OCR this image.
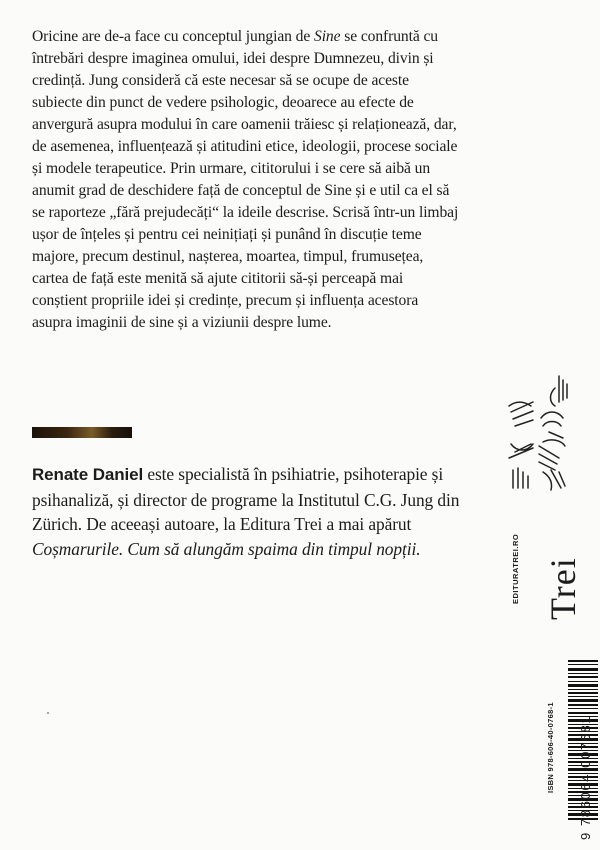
Oricine are de-a face cu conceptul jungian de Sine se confruntă cu întrebări despre imaginea omului, idei despre Dumnezeu, divin și credință. Jung consideră că este necesar să se ocupe de aceste subiecte din punct de vedere psihologic, deoarece au efecte de anvergură asupra modului în care oamenii trăiesc și relaționează, dar, de asemenea, influențează și atitudini etice, ideologii, procese sociale și modele terapeutice. Prin urmare, cititorului i se cere să aibă un anumit grad de deschidere față de conceptul de Sine și e util ca el să se raporteze „fără prejudecăți“ la ideile descrise. Scrisă într-un limbaj ușor de înțeles și pentru cei neinițiați și punând în discuție teme majore, precum destinul, nașterea, moartea, timpul, frumusețea, cartea de față este menită să ajute cititorii să-și perceapă mai conștient propriile idei și credințe, precum și influența acestora asupra imaginii de sine și a viziunii despre lume.

Renate Daniel este specialistă în psihiatrie, psihoterapie și psihanaliză, și director de programe la Institutul C.G. Jung din Zürich. De aceeași autoare, la Editura Trei a mai apărut Coșmarurile. Cum să alungăm spaima din timpul nopții.	EDITURATREI.RO Trei
ISBN 978-606-40-0768-1 9 786064 007681
